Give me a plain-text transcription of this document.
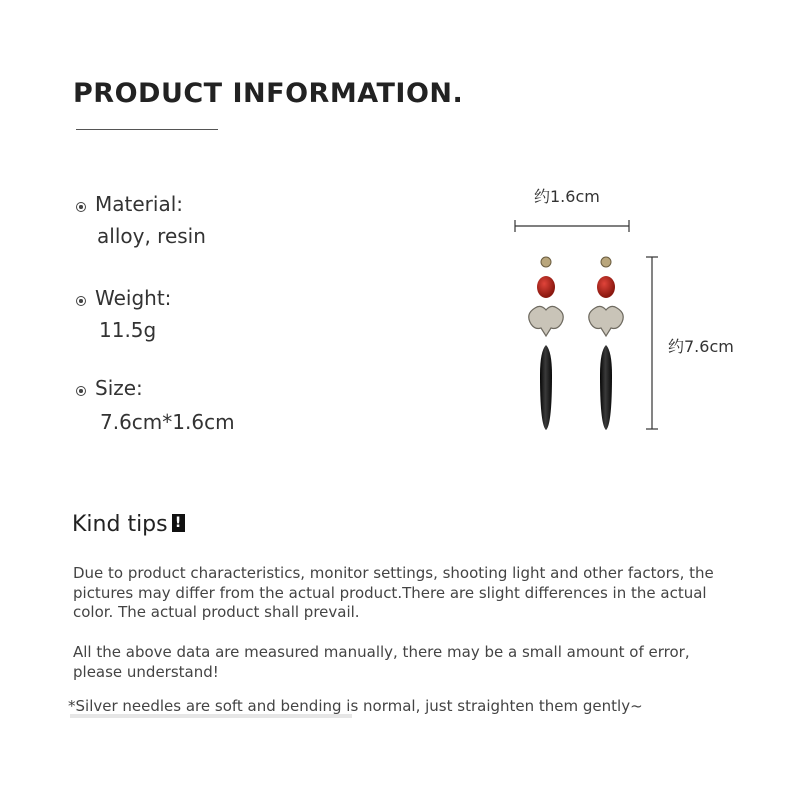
PRODUCT INFORMATION.
Material:
alloy, resin
Weight:
11.5g
Size:
7.6cm*1.6cm
约1.6cm
约7.6cm
Kind tips !
Due to product characteristics, monitor settings, shooting light and other factors, the pictures may differ from the actual product.There are slight differences in the actual color. The actual product shall prevail.
All the above data are measured manually, there may be a small amount of error, please understand!
*Silver needles are soft and bending is normal, just straighten them gently~
